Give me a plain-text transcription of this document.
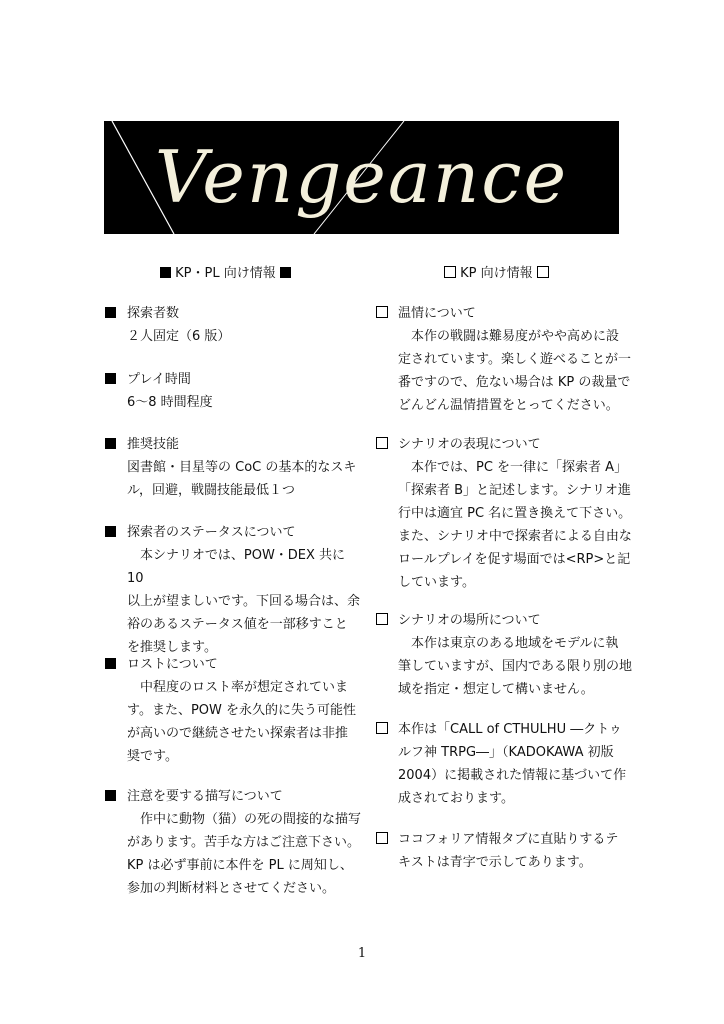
Vengeance
KP・PL 向け情報	KP 向け情報
探索者数
２人固定（6 版）
プレイ時間
6〜8 時間程度
推奨技能
図書館・目星等の CoC の基本的なスキ
ル，回避，戦闘技能最低１つ
探索者のステータスについて
本シナリオでは、POW・DEX 共に 10
以上が望ましいです。下回る場合は、余
裕のあるステータス値を一部移すこと
を推奨します。
ロストについて
中程度のロスト率が想定されていま
す。また、POW を永久的に失う可能性
が高いので継続させたい探索者は非推
奨です。
注意を要する描写について
作中に動物（猫）の死の間接的な描写
があります。苦手な方はご注意下さい。
KP は必ず事前に本件を PL に周知し、
参加の判断材料とさせてください。
温情について
本作の戦闘は難易度がやや高めに設
定されています。楽しく遊べることが一
番ですので、危ない場合は KP の裁量で
どんどん温情措置をとってください。
シナリオの表現について
本作では、PC を一律に「探索者 A」
「探索者 B」と記述します。シナリオ進
行中は適宜 PC 名に置き換えて下さい。
また、シナリオ中で探索者による自由な
ロールプレイを促す場面では<RP>と記
しています。
シナリオの場所について
本作は東京のある地域をモデルに執
筆していますが、国内である限り別の地
域を指定・想定して構いません。
本作は「CALL of CTHULHU ―クトゥ
ルフ神 TRPG―」（KADOKAWA 初版
2004）に掲載された情報に基づいて作
成されております。
ココフォリア情報タブに直貼りするテ
キストは青字で示してあります。
1
